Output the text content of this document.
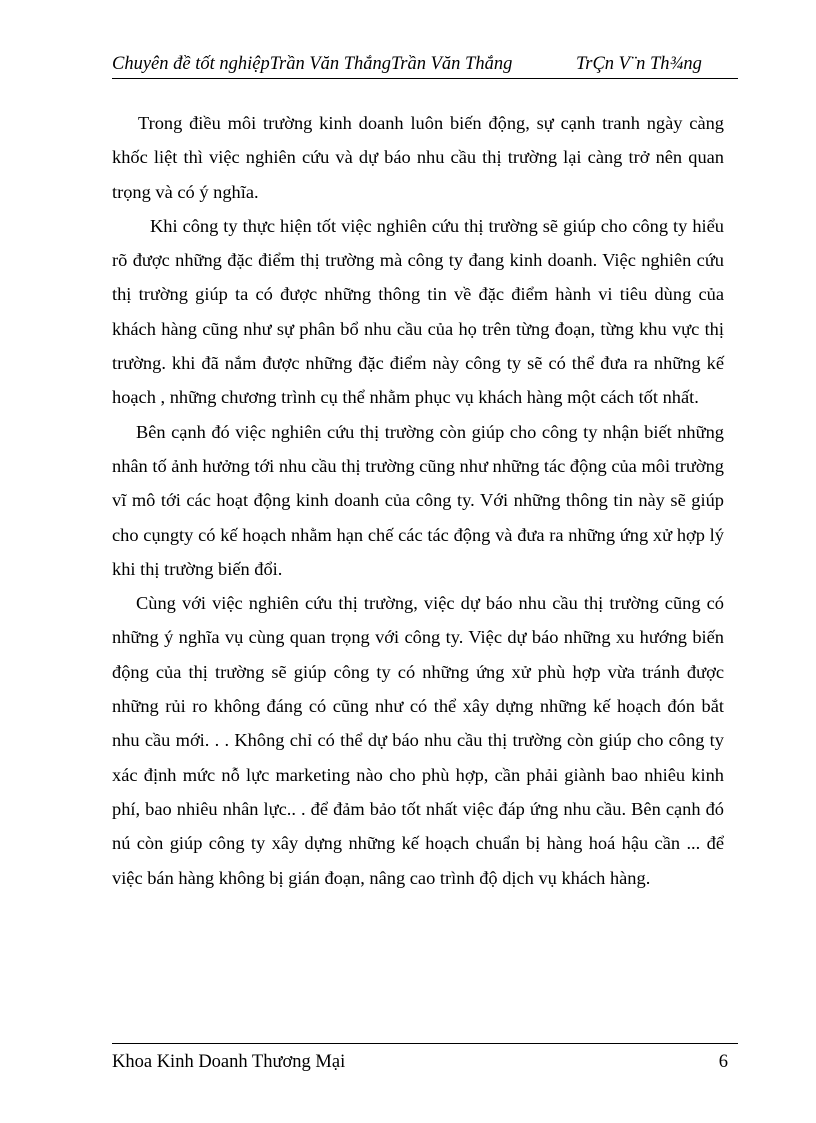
Chuyên đề tốt nghiệpTrần Văn ThắngTrần Văn Thắng	TrÇn V¨n Th¾ng

Trong điều môi trường kinh doanh luôn biến động, sự cạnh tranh ngày càng khốc liệt thì việc nghiên cứu và dự báo nhu cầu thị trường lại càng trở nên quan trọng và có ý nghĩa.

Khi công ty thực hiện tốt việc nghiên cứu thị trường sẽ giúp cho công ty hiểu rõ được những đặc điểm thị trường mà công ty đang kinh doanh. Việc nghiên cứu thị trường giúp ta có được những thông tin về đặc điểm hành vi tiêu dùng của khách hàng cũng như sự phân bổ nhu cầu của họ trên từng đoạn, từng khu vực thị trường. khi đã nắm được những đặc điểm này công ty sẽ có thể đưa ra những kế hoạch , những chương trình cụ thể nhằm phục vụ khách hàng một cách tốt nhất.

Bên cạnh đó việc nghiên cứu thị trường còn giúp cho công ty nhận biết những nhân tố ảnh hưởng tới nhu cầu thị trường cũng như những tác động của môi trường vĩ mô tới các hoạt động kinh doanh của công ty. Với những thông tin này sẽ giúp cho cụngty có kế hoạch nhằm hạn chế các tác động và đưa ra những ứng xử hợp lý khi thị trường biến đổi.

Cùng với việc nghiên cứu thị trường, việc dự báo nhu cầu thị trường cũng có những ý nghĩa vụ cùng quan trọng với công ty. Việc dự báo những xu hướng biến động của thị trường sẽ giúp công ty có những ứng xử phù hợp vừa tránh được những rủi ro không đáng có cũng như có thể xây dựng những kế hoạch đón bắt nhu cầu mới. . . Không chỉ có thể dự báo nhu cầu thị trường còn giúp cho công ty xác định mức nỗ lực marketing nào cho phù hợp, cần phải giành bao nhiêu kinh phí, bao nhiêu nhân lực.. . để đảm bảo tốt nhất việc đáp ứng nhu cầu. Bên cạnh đó nú còn giúp công ty xây dựng những kế hoạch chuẩn bị hàng hoá hậu cần ... để việc bán hàng không bị gián đoạn, nâng cao trình độ dịch vụ khách hàng.

Khoa Kinh Doanh Thương Mại	6
